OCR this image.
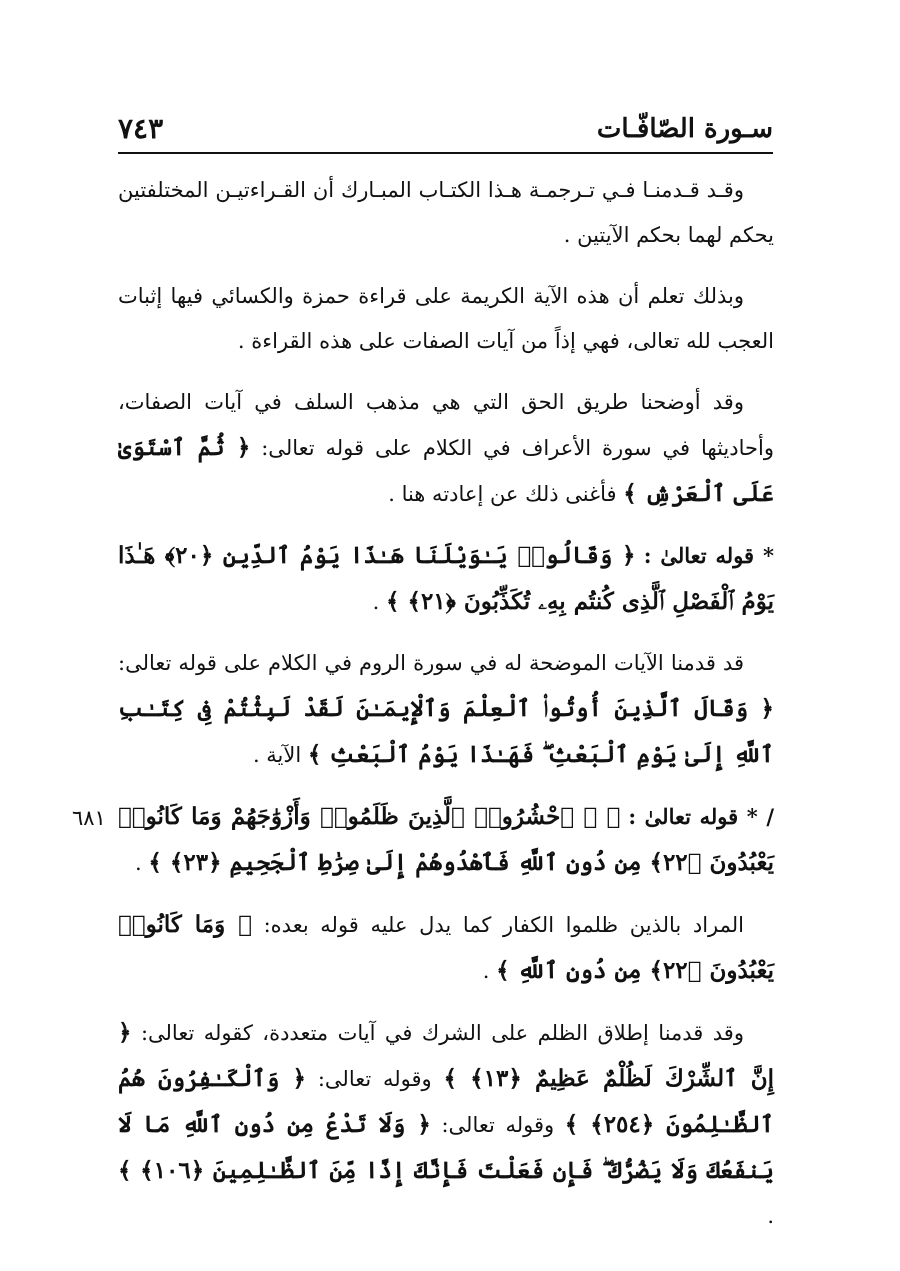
سـورة الصّافّـات
٧٤٣
٦٨١

وقـد قـدمنـا فـي تـرجمـة هـذا الكتـاب المبـارك أن القـراءتيـن المختلفتين يحكم لهما بحكم الآيتين .

وبذلك تعلم أن هذه الآية الكريمة على قراءة حمزة والكسائي فيها إثبات العجب لله تعالى، فهي إذاً من آيات الصفات على هذه القراءة .

وقد أوضحنا طريق الحق التي هي مذهب السلف في آيات الصفات، وأحاديثها في سورة الأعراف في الكلام على قوله تعالى: ﴿ ثُمَّ ٱسْتَوَىٰ عَلَى ٱلْعَرْشِ ﴾ فأغنى ذلك عن إعادته هنا .

* قوله تعالىٰ : ﴿ وَقَالُوا۟ يَـٰوَيْلَنَا هَـٰذَا يَوْمُ ٱلدِّينِ ﴿٢٠﴾ هَـٰذَا يَوْمُ ٱلْفَصْلِ ٱلَّذِى كُنتُم بِهِۦ تُكَذِّبُونَ ﴿٢١﴾ ﴾ .

قد قدمنا الآيات الموضحة له في سورة الروم في الكلام على قوله تعالى: ﴿ وَقَالَ ٱلَّذِينَ أُوتُوا۟ ٱلْعِلْمَ وَٱلْإِيمَـٰنَ لَقَدْ لَبِثْتُمْ فِى كِتَـٰبِ ٱللَّهِ إِلَىٰ يَوْمِ ٱلْبَعْثِ ۖ فَهَـٰذَا يَوْمُ ٱلْبَعْثِ ﴾ الآية .

/ * قوله تعالىٰ : ﴿ ۞ ٱحْشُرُوا۟ ٱلَّذِينَ ظَلَمُوا۟ وَأَزْوَٰجَهُمْ وَمَا كَانُوا۟ يَعْبُدُونَ ﴿٢٢﴾ مِن دُونِ ٱللَّهِ فَٱهْدُوهُمْ إِلَىٰ صِرَٰطِ ٱلْجَحِيمِ ﴿٢٣﴾ ﴾ .

المراد بالذين ظلموا الكفار كما يدل عليه قوله بعده: ﴿ وَمَا كَانُوا۟ يَعْبُدُونَ ﴿٢٢﴾ مِن دُونِ ٱللَّهِ ﴾ .

وقد قدمنا إطلاق الظلم على الشرك في آيات متعددة، كقوله تعالى: ﴿ إِنَّ ٱلشِّرْكَ لَظُلْمٌ عَظِيمٌ ﴿١٣﴾ ﴾ وقوله تعالى: ﴿ وَٱلْكَـٰفِرُونَ هُمُ ٱلظَّـٰلِمُونَ ﴿٢٥٤﴾ ﴾ وقوله تعالى: ﴿ وَلَا تَدْعُ مِن دُونِ ٱللَّهِ مَا لَا يَنفَعُكَ وَلَا يَضُرُّكَ ۖ فَإِن فَعَلْتَ فَإِنَّكَ إِذًا مِّنَ ٱلظَّـٰلِمِينَ ﴿١٠٦﴾ ﴾ .
